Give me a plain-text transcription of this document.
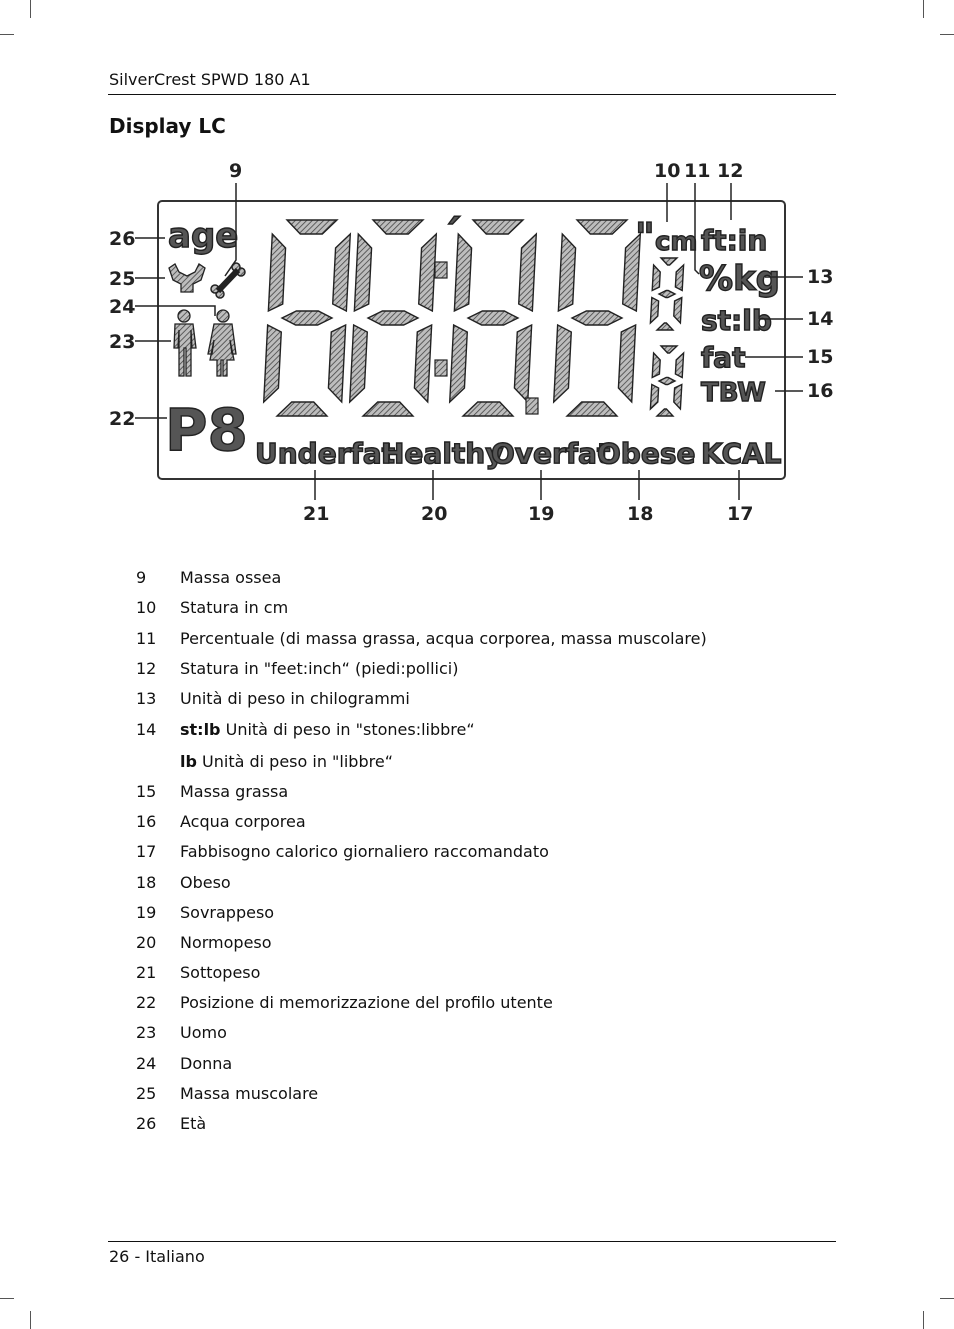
SilverCrest SPWD 180 A1
Display LC
´	"
age	cm ft:in
%kg
st:lb
fat
TBW
KCAL
P8 Underfat
Healthy
Overfat
Obese
9	10 11 12
13
14
15
16
17
18
19
20
21
22
23
24
25
26
9 Massa ossea
10 Statura in cm
11 Percentuale (di massa grassa, acqua corporea, massa muscolare)
12 Statura in "feet:inch“ (piedi:pollici)
13 Unità di peso in chilogrammi
14 st:lb Unità di peso in "stones:libbre“
lb Unità di peso in "libbre“
15 Massa grassa
16 Acqua corporea
17 Fabbisogno calorico giornaliero raccomandato
18 Obeso
19 Sovrappeso
20 Normopeso
21 Sottopeso
22 Posizione di memorizzazione del profilo utente
23 Uomo
24 Donna
25 Massa muscolare
26 Età
26 - Italiano
